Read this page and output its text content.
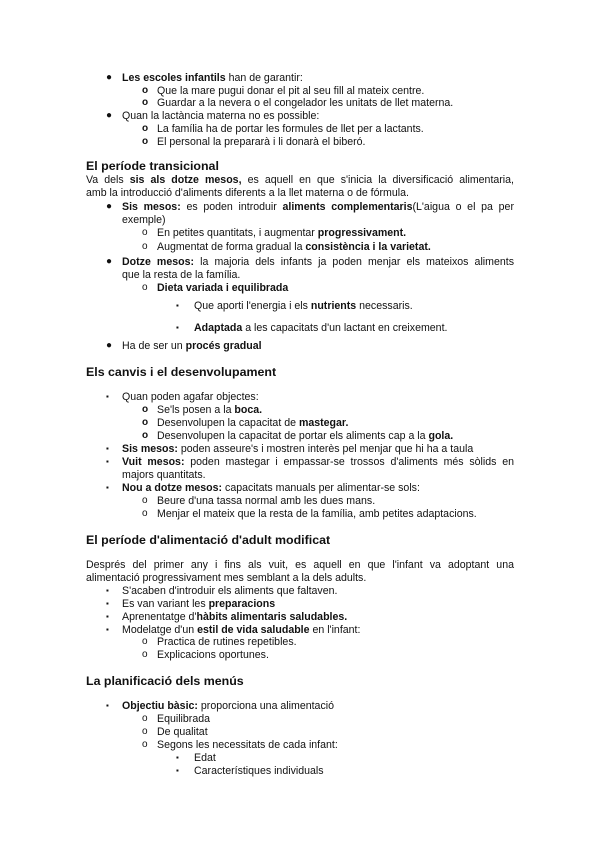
● Les escoles infantils han de garantir:
o Que la mare pugui donar el pit al seu fill al mateix centre.
o Guardar a la nevera o el congelador les unitats de llet materna.
● Quan la lactància materna no es possible:
o La família ha de portar les formules de llet per a lactants.
o El personal la prepararà i li donarà el biberó.
El període transicional
Va dels sis als dotze mesos, es aquell en que s'inicia la diversificació alimentaria,
amb la introducció d'aliments diferents a la llet materna o de fórmula.
● Sis mesos: es poden introduir aliments complementaris(L'aigua o el pa per
exemple)
o En petites quantitats, i augmentar progressivament.
o Augmentat de forma gradual la consistència i la varietat.
● Dotze mesos: la majoria dels infants ja poden menjar els mateixos aliments
que la resta de la família.
o Dieta variada i equilibrada
▪ Que aporti l'energia i els nutrients necessaris.
▪ Adaptada a les capacitats d'un lactant en creixement.
● Ha de ser un procés gradual
Els canvis i el desenvolupament
▪ Quan poden agafar objectes:
o Se'ls posen a la boca.
o Desenvolupen la capacitat de mastegar.
o Desenvolupen la capacitat de portar els aliments cap a la gola.
▪ Sis mesos: poden asseure's i mostren interès pel menjar que hi ha a taula
▪ Vuit mesos: poden mastegar i empassar-se trossos d'aliments més sòlids en
majors quantitats.
▪ Nou a dotze mesos: capacitats manuals per alimentar-se sols:
o Beure d'una tassa normal amb les dues mans.
o Menjar el mateix que la resta de la família, amb petites adaptacions.
El període d'alimentació d'adult modificat
Després del primer any i fins als vuit, es aquell en que l'infant va adoptant una
alimentació progressivament mes semblant a la dels adults.
▪ S'acaben d'introduir els aliments que faltaven.
▪ Es van variant les preparacions
▪ Aprenentatge d'hàbits alimentaris saludables.
▪ Modelatge d'un estil de vida saludable en l'infant:
o Practica de rutines repetibles.
o Explicacions oportunes.
La planificació dels menús
▪ Objectiu bàsic: proporciona una alimentació
o Equilibrada
o De qualitat
o Segons les necessitats de cada infant:
▪ Edat
▪ Característiques individuals
